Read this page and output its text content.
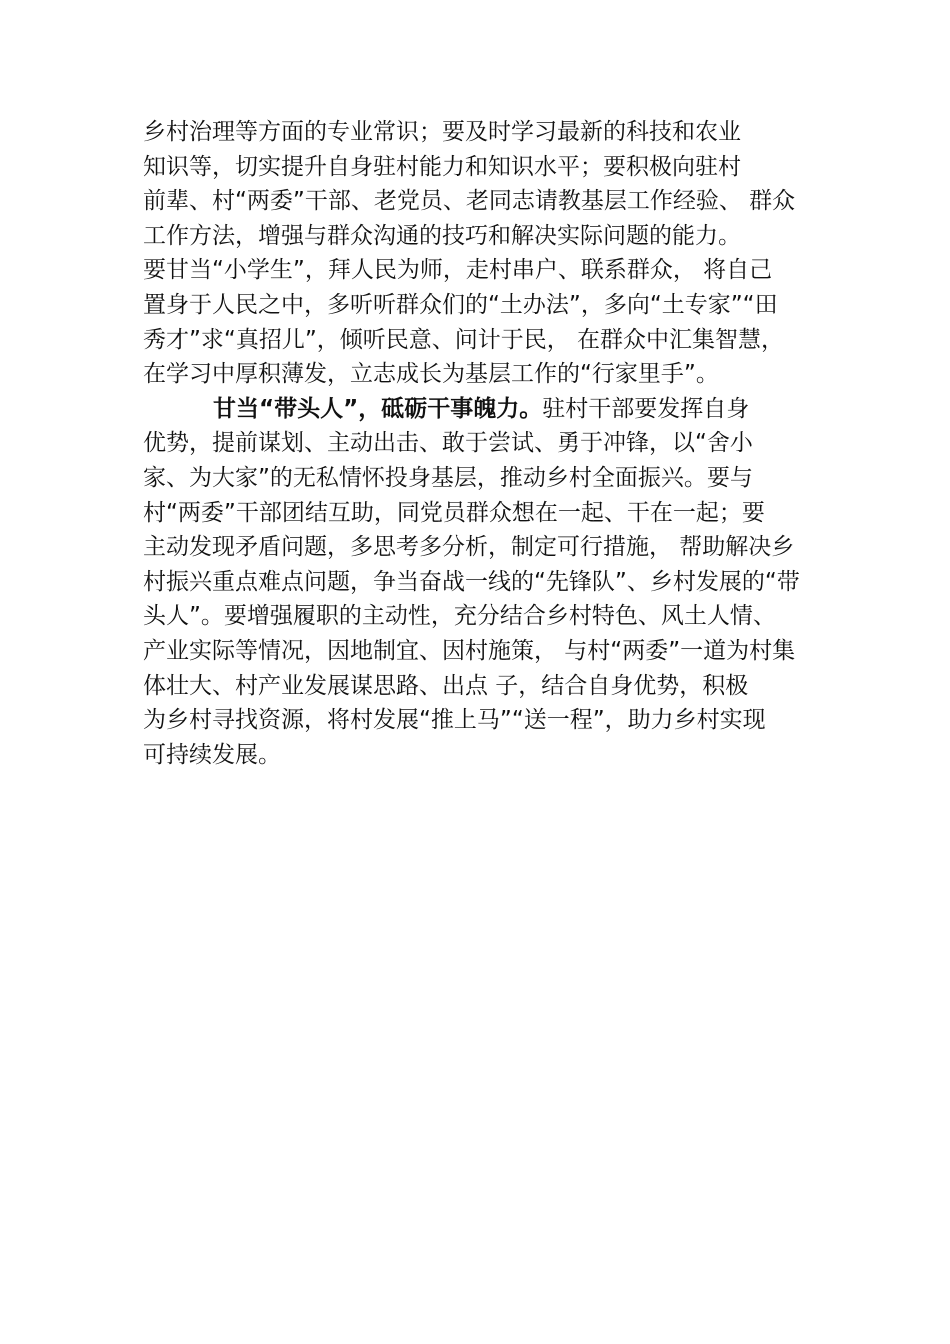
乡村治理等方面的专业常识；要及时学习最新的科技和农业
知识等，切实提升自身驻村能力和知识水平；要积极向驻村
前辈、村“两委”干部、老党员、老同志请教基层工作经验、 群众
工作方法，增强与群众沟通的技巧和解决实际问题的能力。
要甘当“小学生”，拜人民为师，走村串户、联系群众， 将自己
置身于人民之中，多听听群众们的“土办法”，多向“土专家”“田
秀才”求“真招儿”，倾听民意、问计于民， 在群众中汇集智慧，
在学习中厚积薄发，立志成长为基层工作的“行家里手”。
甘当“带头人”，砥砺干事魄力。驻村干部要发挥自身
优势，提前谋划、主动出击、敢于尝试、勇于冲锋，以“舍小
家、为大家”的无私情怀投身基层，推动乡村全面振兴。要与
村“两委”干部团结互助，同党员群众想在一起、干在一起；要
主动发现矛盾问题，多思考多分析，制定可行措施， 帮助解决乡
村振兴重点难点问题，争当奋战一线的“先锋队”、乡村发展的“带
头人”。要增强履职的主动性，充分结合乡村特色、风土人情、
产业实际等情况，因地制宜、因村施策， 与村“两委”一道为村集
体壮大、村产业发展谋思路、出点 子，结合自身优势，积极
为乡村寻找资源，将村发展“推上马”“送一程”，助力乡村实现
可持续发展。
